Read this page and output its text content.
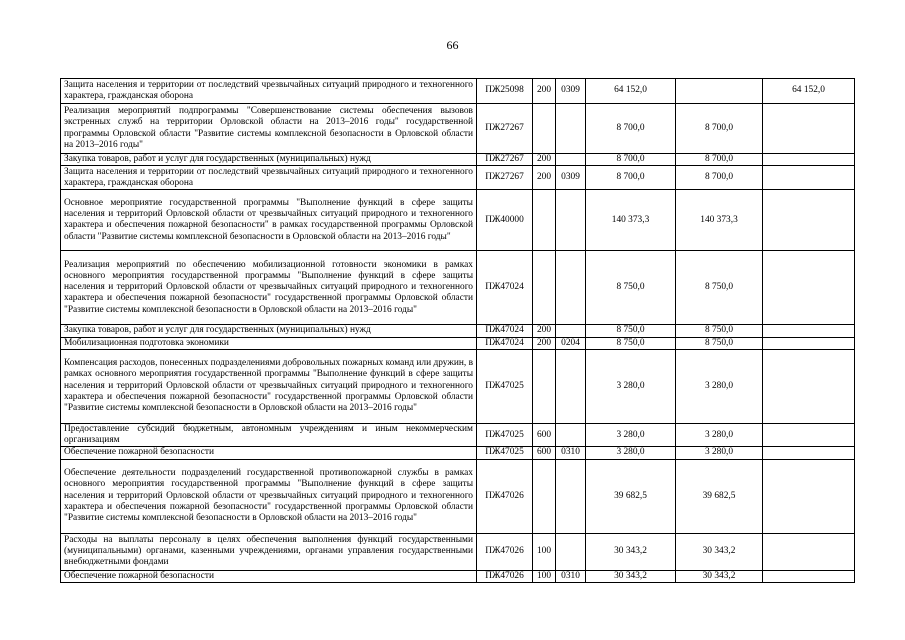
66
Защита населения и территории от последствий чрезвычайных ситуаций природного и техногенного характера, гражданская оборона	ПЖ25098	200	0309	64 152,0		64 152,0
Реализация мероприятий подпрограммы "Совершенствование системы обеспечения вызовов экстренных служб на территории Орловской области на 2013–2016 годы" государственной программы Орловской области "Развитие системы комплексной безопасности в Орловской области на 2013–2016 годы"	ПЖ27267			8 700,0	8 700,0	
Закупка товаров, работ и услуг для государственных (муниципальных) нужд	ПЖ27267	200		8 700,0	8 700,0	
Защита населения и территории от последствий чрезвычайных ситуаций природного и техногенного характера, гражданская оборона	ПЖ27267	200	0309	8 700,0	8 700,0	
Основное мероприятие государственной программы "Выполнение функций в сфере защиты населения и территорий Орловской области от чрезвычайных ситуаций природного и техногенного характера и обеспечения пожарной безопасности" в рамках государственной программы Орловской области "Развитие системы комплексной безопасности в Орловской области на 2013–2016 годы"	ПЖ40000			140 373,3	140 373,3	
Реализация мероприятий по обеспечению мобилизационной готовности экономики в рамках основного мероприятия государственной программы "Выполнение функций в сфере защиты населения и территорий Орловской области от чрезвычайных ситуаций природного и техногенного характера и обеспечения пожарной безопасности" государственной программы Орловской области "Развитие системы комплексной безопасности в Орловской области на 2013–2016 годы"	ПЖ47024			8 750,0	8 750,0	
Закупка товаров, работ и услуг для государственных (муниципальных) нужд	ПЖ47024	200		8 750,0	8 750,0	
Мобилизационная подготовка экономики	ПЖ47024	200	0204	8 750,0	8 750,0	
Компенсация расходов, понесенных подразделениями добровольных пожарных команд или дружин, в рамках основного мероприятия государственной программы "Выполнение функций в сфере защиты населения и территорий Орловской области от чрезвычайных ситуаций природного и техногенного характера и обеспечения пожарной безопасности" государственной программы Орловской области "Развитие системы комплексной безопасности в Орловской области на 2013–2016 годы"	ПЖ47025			3 280,0	3 280,0	
Предоставление субсидий бюджетным, автономным учреждениям и иным некоммерческим организациям	ПЖ47025	600		3 280,0	3 280,0	
Обеспечение пожарной безопасности	ПЖ47025	600	0310	3 280,0	3 280,0	
Обеспечение деятельности подразделений государственной противопожарной службы в рамках основного мероприятия государственной программы "Выполнение функций в сфере защиты населения и территорий Орловской области от чрезвычайных ситуаций природного и техногенного характера и обеспечения пожарной безопасности" государственной программы Орловской области "Развитие системы комплексной безопасности в Орловской области на 2013–2016 годы"	ПЖ47026			39 682,5	39 682,5	
Расходы на выплаты персоналу в целях обеспечения выполнения функций государственными (муниципальными) органами, казенными учреждениями, органами управления государственными внебюджетными фондами	ПЖ47026	100		30 343,2	30 343,2	
Обеспечение пожарной безопасности	ПЖ47026	100	0310	30 343,2	30 343,2	
